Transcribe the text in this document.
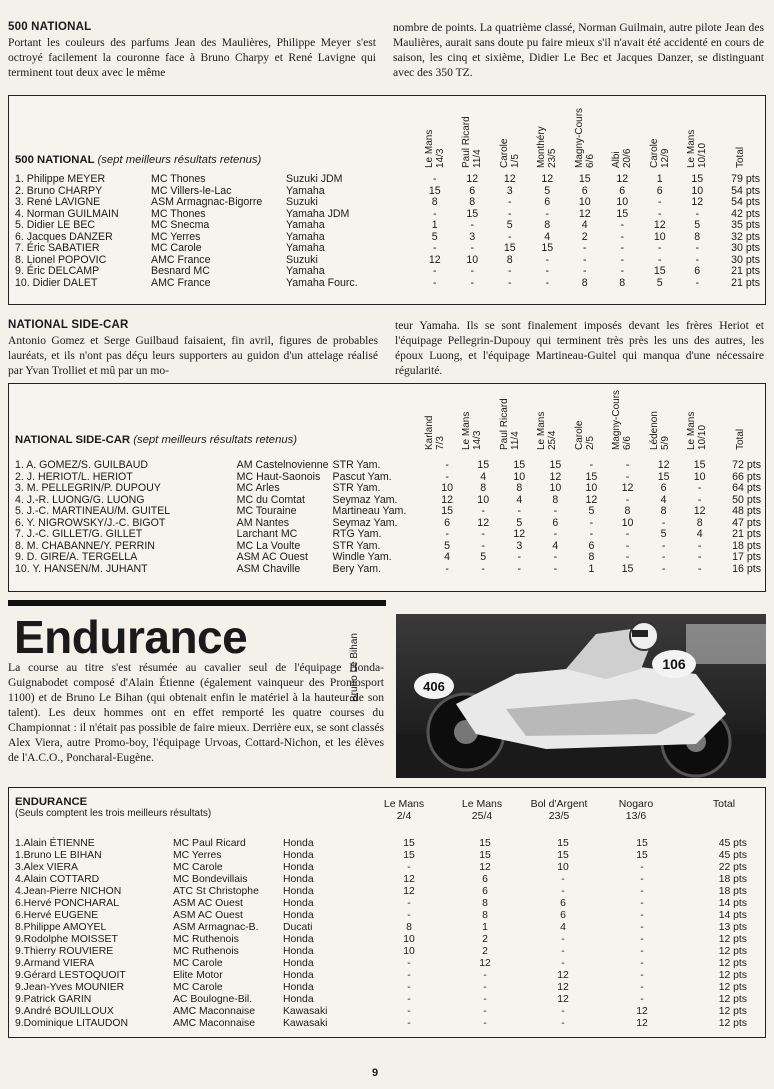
500 NATIONAL
Portant les couleurs des parfums Jean des Maulières, Philippe Meyer s'est octroyé facilement la couronne face à Bruno Charpy et René Lavigne qui terminent tout deux avec le même
nombre de points. La quatrième classé, Norman Guilmain, autre pilote Jean des Maulières, aurait sans doute pu faire mieux s'il n'avait été accidenté en cours de saison, les cinq et sixième, Didier Le Bec et Jacques Danzer, se distinguant avec des 350 TZ.
500 NATIONAL (sept meilleurs résultats retenus)	Le Mans
14/3 Paul Ricard
11/4 Carole
1/5 Monthéry
23/5 Magny-Cours
6/6 Albi
20/6 Carole
12/9 Le Mans
10/10	Total
1. Philippe MEYER	MC Thones	Suzuki JDM	-	12	12	12	15	12	1	15	79 pts
2. Bruno CHARPY	MC Villers-le-Lac	Yamaha	15	6	3	5	6	6	6	10	54 pts
3. René LAVIGNE	ASM Armagnac-Bigorre	Suzuki	8	8	-	6	10	10	-	12	54 pts
4. Norman GUILMAIN	MC Thones	Yamaha JDM	-	15	-	-	12	15	-	-	42 pts
5. Didier LE BEC	MC Snecma	Yamaha	1	-	5	8	4	-	12	5	35 pts
6. Jacques DANZER	MC Yerres	Yamaha	5	3	-	4	2	-	10	8	32 pts
7. Éric SABATIER	MC Carole	Yamaha	-	-	15	15	-	-	-	-	30 pts
8. Lionel POPOVIC	AMC France	Suzuki	12	10	8	-	-	-	-	-	30 pts
9. Éric DELCAMP	Besnard MC	Yamaha	-	-	-	-	-	-	15	6	21 pts
10. Didier DALET	AMC France	Yamaha Fourc.	-	-	-	-	8	8	5	-	21 pts
NATIONAL SIDE-CAR
Antonio Gomez et Serge Guilbaud faisaient, fin avril, figures de probables lauréats, et ils n'ont pas déçu leurs supporters au guidon d'un attelage réalisé par Yvan Trolliet et mû par un mo-
teur Yamaha. Ils se sont finalement imposés devant les frères Heriot et l'équipage Pellegrin-Dupouy qui terminent très près les uns des autres, les époux Luong, et l'équipage Martineau-Guitel qui manqua d'une nécessaire régularité.
NATIONAL SIDE-CAR (sept meilleurs résultats retenus)	Karland
7/3 Le Mans
14/3 Paul Ricard
11/4 Le Mans
25/4 Carole
2/5 Magny-Cours
6/6 Lédenon
5/9 Le Mans
10/10	Total
1. A. GOMEZ/S. GUILBAUD	AM Castelnovienne	STR Yam.	-	15	15	15	-	-	12	15	72 pts
2. J. HERIOT/L. HERIOT	MC Haut-Saonois	Pascut Yam.	-	4	10	12	15	-	15	10	66 pts
3. M. PELLEGRIN/P. DUPOUY	MC Arles	STR Yam.	10	8	8	10	10	12	6	-	64 pts
4. J.-R. LUONG/G. LUONG	MC du Comtat	Seymaz Yam.	12	10	4	8	12	-	4	-	50 pts
5. J.-C. MARTINEAU/M. GUITEL	MC Touraine	Martineau Yam.	15	-	-	-	5	8	8	12	48 pts
6. Y. NIGROWSKY/J.-C. BIGOT	AM Nantes	Seymaz Yam.	6	12	5	6	-	10	-	8	47 pts
7. J.-C. GILLET/G. GILLET	Larchant MC	RTG Yam.	-	-	12	-	-	-	5	4	21 pts
8. M. CHABANNE/Y. PERRIN	MC La Voulte	STR Yam.	5	-	3	4	6	-	-	-	18 pts
9. D. GIRE/A. TERGELLA	ASM AC Ouest	Windle Yam.	4	5	-	-	8	-	-	-	17 pts
10. Y. HANSEN/M. JUHANT	ASM Chaville	Bery Yam.	-	-	-	-	1	15	-	-	16 pts
Endurance
La course au titre s'est résumée au cavalier seul de l'équipage Honda-Guignabodet composé d'Alain Étienne (également vainqueur des Promosport 1100) et de Bruno Le Bihan (qui obtenait enfin le matériel à la hauteur de son talent). Les deux hommes ont en effet remporté les quatre courses du Championnat : il n'était pas possible de faire mieux. Derrière eux, se sont classés Alex Viera, autre Promo-boy, l'équipage Urvoas, Cottard-Nichon, et les élèves de l'A.C.O., Poncharal-Eugène.
406
106
Bruno Le Bihan
ENDURANCE
(Seuls comptent les trois meilleurs résultats)
Le Mans
2/4
Le Mans
25/4
Bol d'Argent
23/5
Nogaro
13/6
Total
1.Alain ÉTIENNE	MC Paul Ricard	Honda	15	15	15	15	45 pts
1.Bruno LE BIHAN	MC Yerres	Honda	15	15	15	15	45 pts
3.Alex VIERA	MC Carole	Honda	-	12	10	-	22 pts
4.Alain COTTARD	MC Bondevillais	Honda	12	6	-	-	18 pts
4.Jean-Pierre NICHON	ATC St Christophe	Honda	12	6	-	-	18 pts
6.Hervé PONCHARAL	ASM AC Ouest	Honda	-	8	6	-	14 pts
6.Hervé EUGENE	ASM AC Ouest	Honda	-	8	6	-	14 pts
8.Philippe AMOYEL	ASM Armagnac-B.	Ducati	8	1	4	-	13 pts
9.Rodolphe MOISSET	MC Ruthenois	Honda	10	2	-	-	12 pts
9.Thierry ROUVIERE	MC Ruthenois	Honda	10	2	-	-	12 pts
9.Armand VIERA	MC Carole	Honda	-	12	-	-	12 pts
9.Gérard LESTOQUOIT	Elite Motor	Honda	-	-	12	-	12 pts
9.Jean-Yves MOUNIER	MC Carole	Honda	-	-	12	-	12 pts
9.Patrick GARIN	AC Boulogne-Bil.	Honda	-	-	12	-	12 pts
9.André BOUILLOUX	AMC Maconnaise	Kawasaki	-	-	-	12	12 pts
9.Dominique LITAUDON	AMC Maconnaise	Kawasaki	-	-	-	12	12 pts
9
